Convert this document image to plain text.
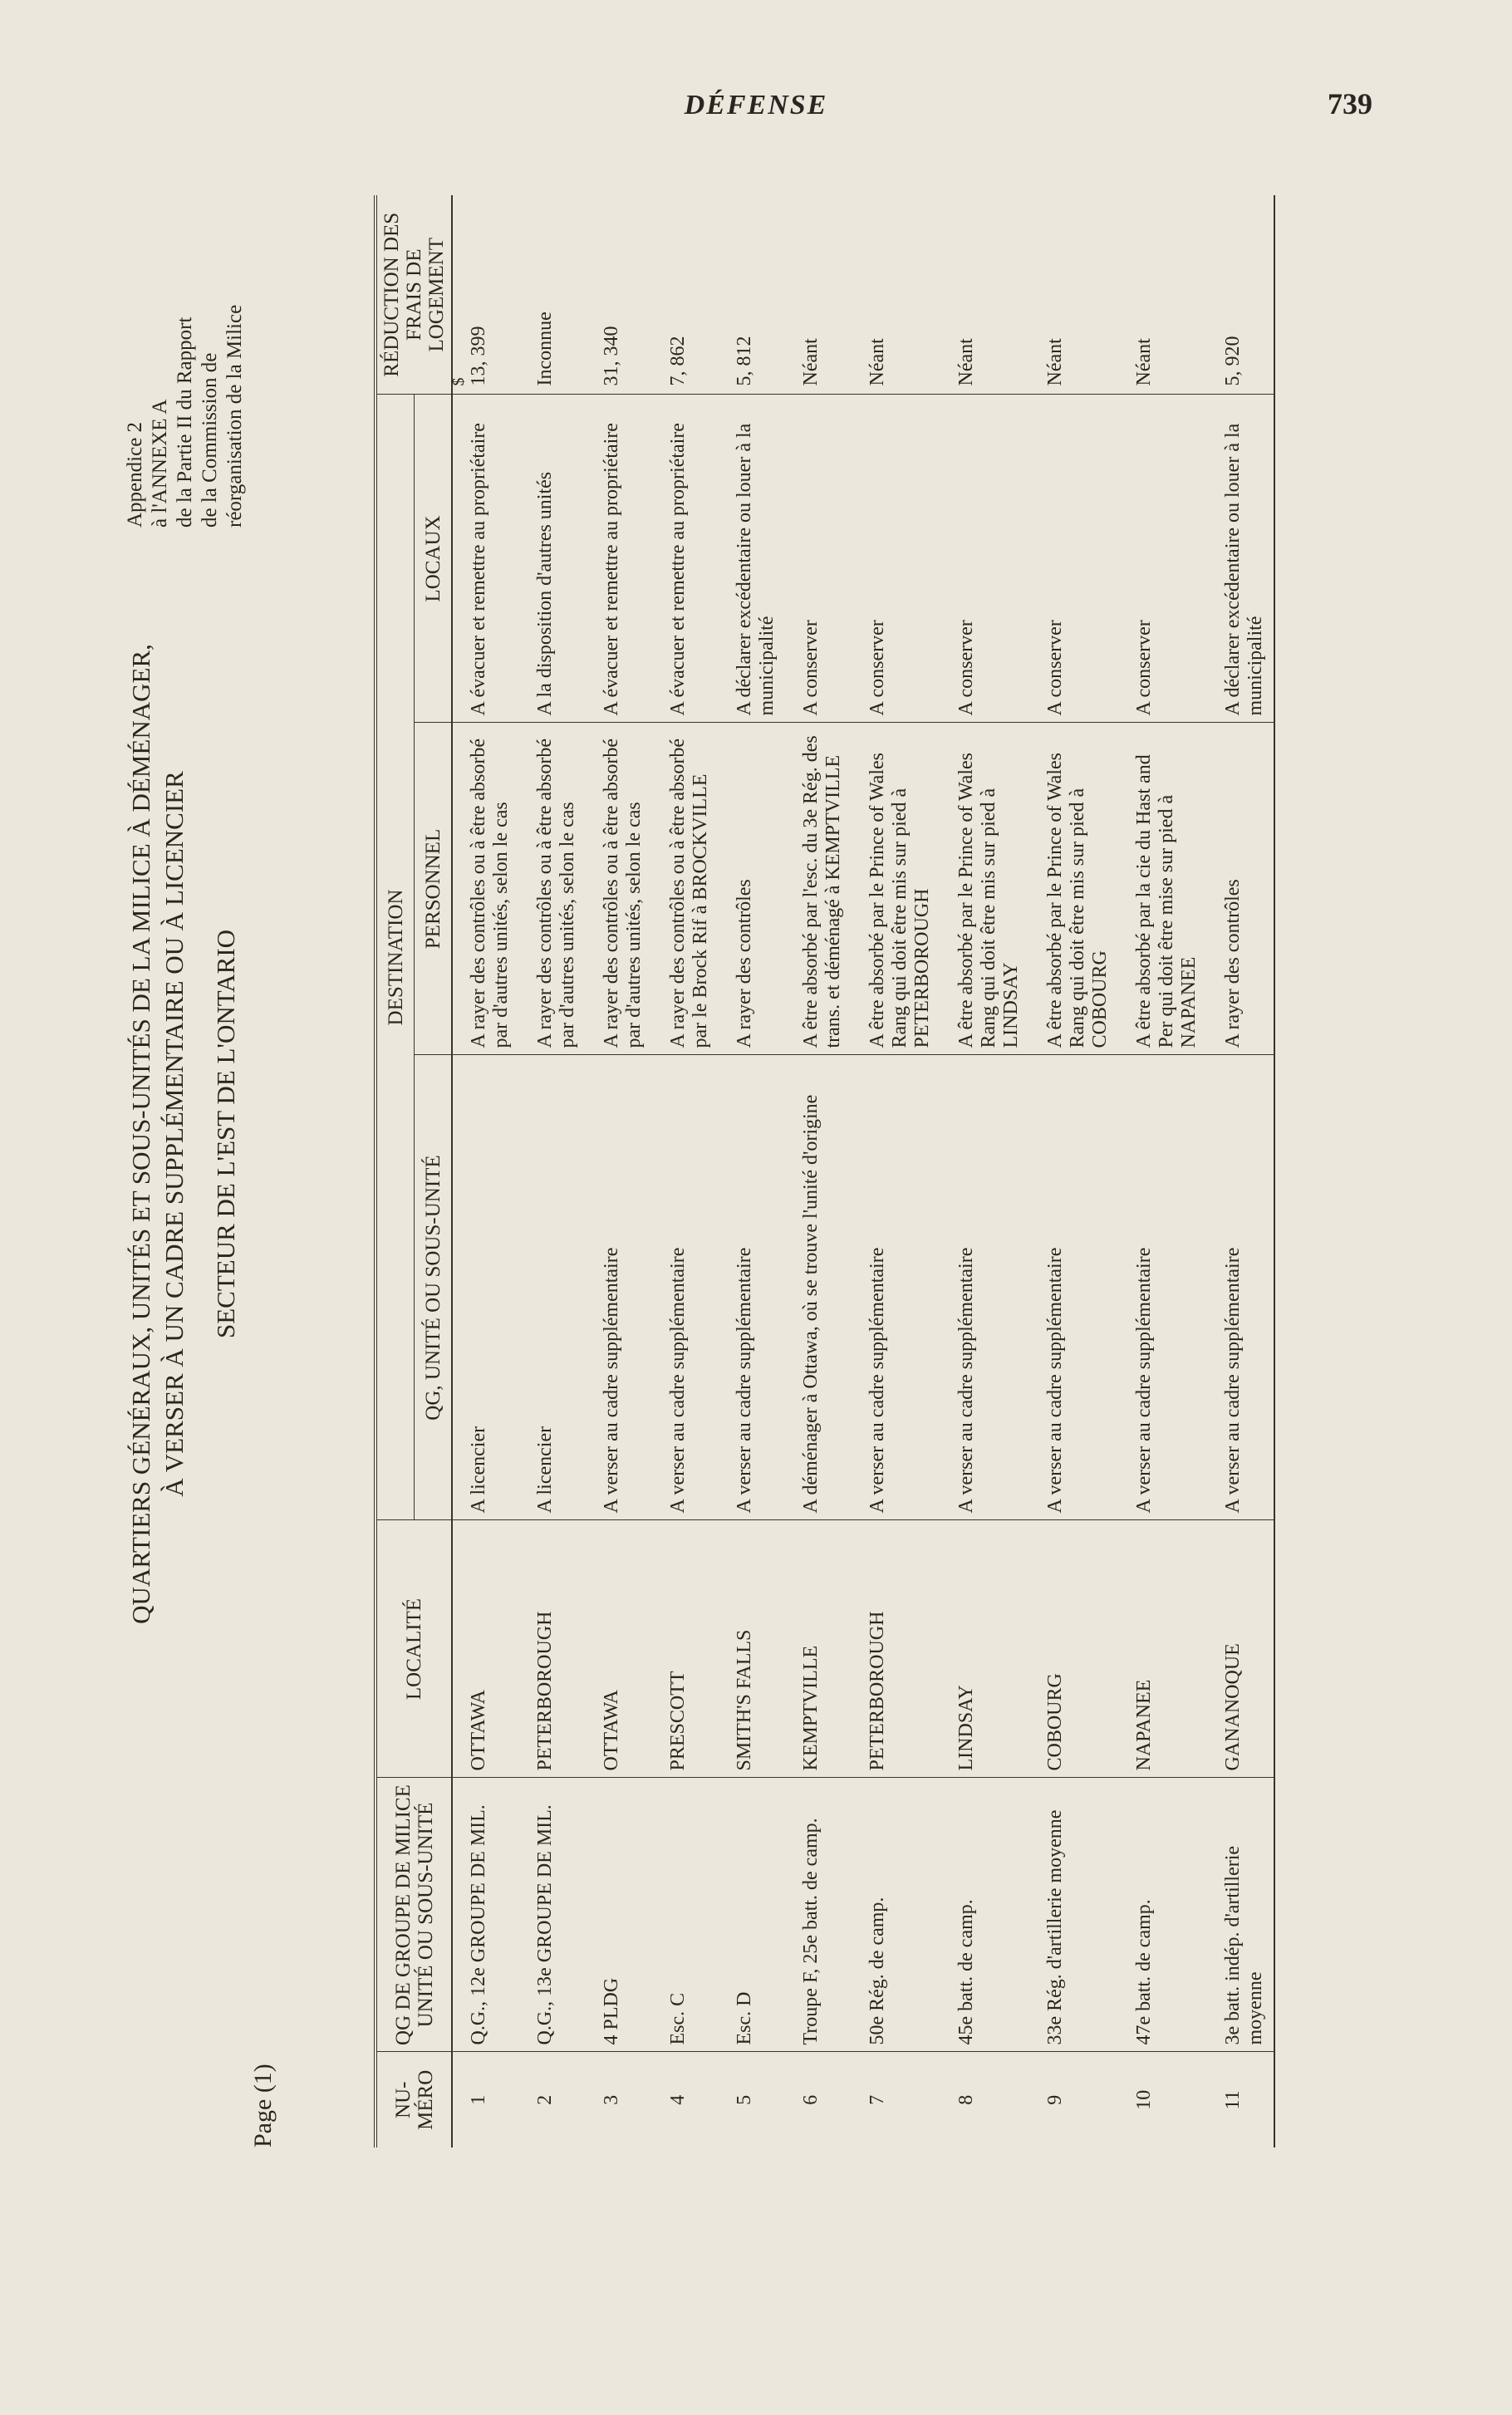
DÉFENSE	739
Page (1)
QUARTIERS GÉNÉRAUX, UNITÉS ET SOUS-UNITÉS DE LA MILICE À DÉMÉNAGER, À VERSER À UN CADRE SUPPLÉMENTAIRE OU À LICENCIER SECTEUR DE L'EST DE L'ONTARIO
Appendice 2 à l'ANNEXE A de la Partie II du Rapport de la Commission de réorganisation de la Milice
NU-MÉRO	QG DE GROUPE DE MILICE UNITÉ OU SOUS-UNITÉ	LOCALITÉ	DESTINATION			RÉDUCTION DES FRAIS DE LOGEMENT
			QG, UNITÉ OU SOUS-UNITÉ	PERSONNEL	LOCAUX	
1	Q.G., 12e GROUPE DE MIL.	OTTAWA	A licencier	A rayer des contrôles ou à être absorbé par d'autres unités, selon le cas	A évacuer et remettre au propriétaire	13, 399
$

2	Q.G., 13e GROUPE DE MIL.	PETERBOROUGH	A licencier	A rayer des contrôles ou à être absorbé par d'autres unités, selon le cas	A la disposition d'autres unités	Inconnue
3	4 PLDG	OTTAWA	A verser au cadre supplémentaire	A rayer des contrôles ou à être absorbé par d'autres unités, selon le cas	A évacuer et remettre au propriétaire	31, 340
4	Esc. C	PRESCOTT	A verser au cadre supplémentaire	A rayer des contrôles ou à être absorbé par le Brock Rif à BROCKVILLE	A évacuer et remettre au propriétaire	7, 862
5	Esc. D	SMITH'S FALLS	A verser au cadre supplémentaire	A rayer des contrôles	A déclarer excédentaire ou louer à la municipalité	5, 812
6	Troupe F, 25e batt. de camp.	KEMPTVILLE	A déménager à Ottawa, où se trouve l'unité d'origine	A être absorbé par l'esc. du 3e Rég. des trans. et déménagé à KEMPTVILLE	A conserver	Néant
7	50e Rég. de camp.	PETERBOROUGH	A verser au cadre supplémentaire	A être absorbé par le Prince of Wales Rang qui doit être mis sur pied à PETERBOROUGH	A conserver	Néant
8	45e batt. de camp.	LINDSAY	A verser au cadre supplémentaire	A être absorbé par le Prince of Wales Rang qui doit être mis sur pied à LINDSAY	A conserver	Néant
9	33e Rég. d'artillerie moyenne	COBOURG	A verser au cadre supplémentaire	A être absorbé par le Prince of Wales Rang qui doit être mis sur pied à COBOURG	A conserver	Néant
10	47e batt. de camp.	NAPANEE	A verser au cadre supplémentaire	A être absorbé par la cie du Hast and Per qui doit être mise sur pied à NAPANEE	A conserver	Néant
11	3e batt. indép. d'artillerie moyenne	GANANOQUE	A verser au cadre supplémentaire	A rayer des contrôles	A déclarer excédentaire ou louer à la municipalité	5, 920
